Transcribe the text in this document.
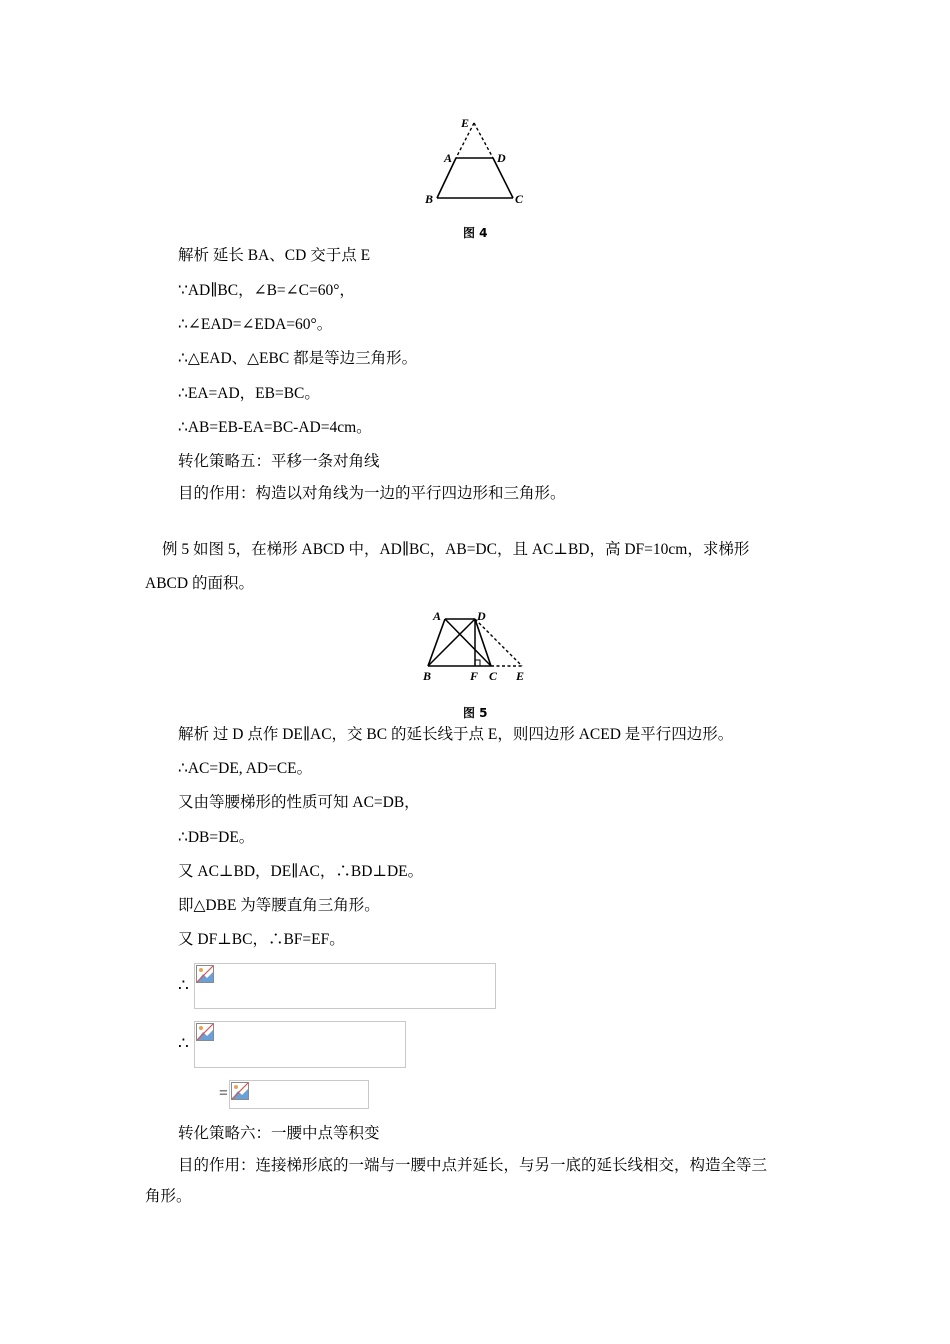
E
A	D
B	C
图 4
解析 延长 BA、CD 交于点 E
∵AD∥BC，∠B=∠C=60°，
∴∠EAD=∠EDA=60°。
∴△EAD、△EBC 都是等边三角形。
∴EA=AD，EB=BC。
∴AB=EB-EA=BC-AD=4cm。
转化策略五：平移一条对角线
目的作用：构造以对角线为一边的平行四边形和三角形。
例 5 如图 5，在梯形 ABCD 中，AD∥BC，AB=DC，且 AC⊥BD，高 DF=10cm，求梯形
ABCD 的面积。
A	D
B	F C E
图 5
解析 过 D 点作 DE∥AC，交 BC 的延长线于点 E，则四边形 ACED 是平行四边形。
∴AC=DE, AD=CE。
又由等腰梯形的性质可知 AC=DB，
∴DB=DE。
又 AC⊥BD，DE∥AC，∴BD⊥DE。
即△DBE 为等腰直角三角形。
又 DF⊥BC，∴BF=EF。
∴
∴
=
转化策略六：一腰中点等积变
目的作用：连接梯形底的一端与一腰中点并延长，与另一底的延长线相交，构造全等三
角形。
